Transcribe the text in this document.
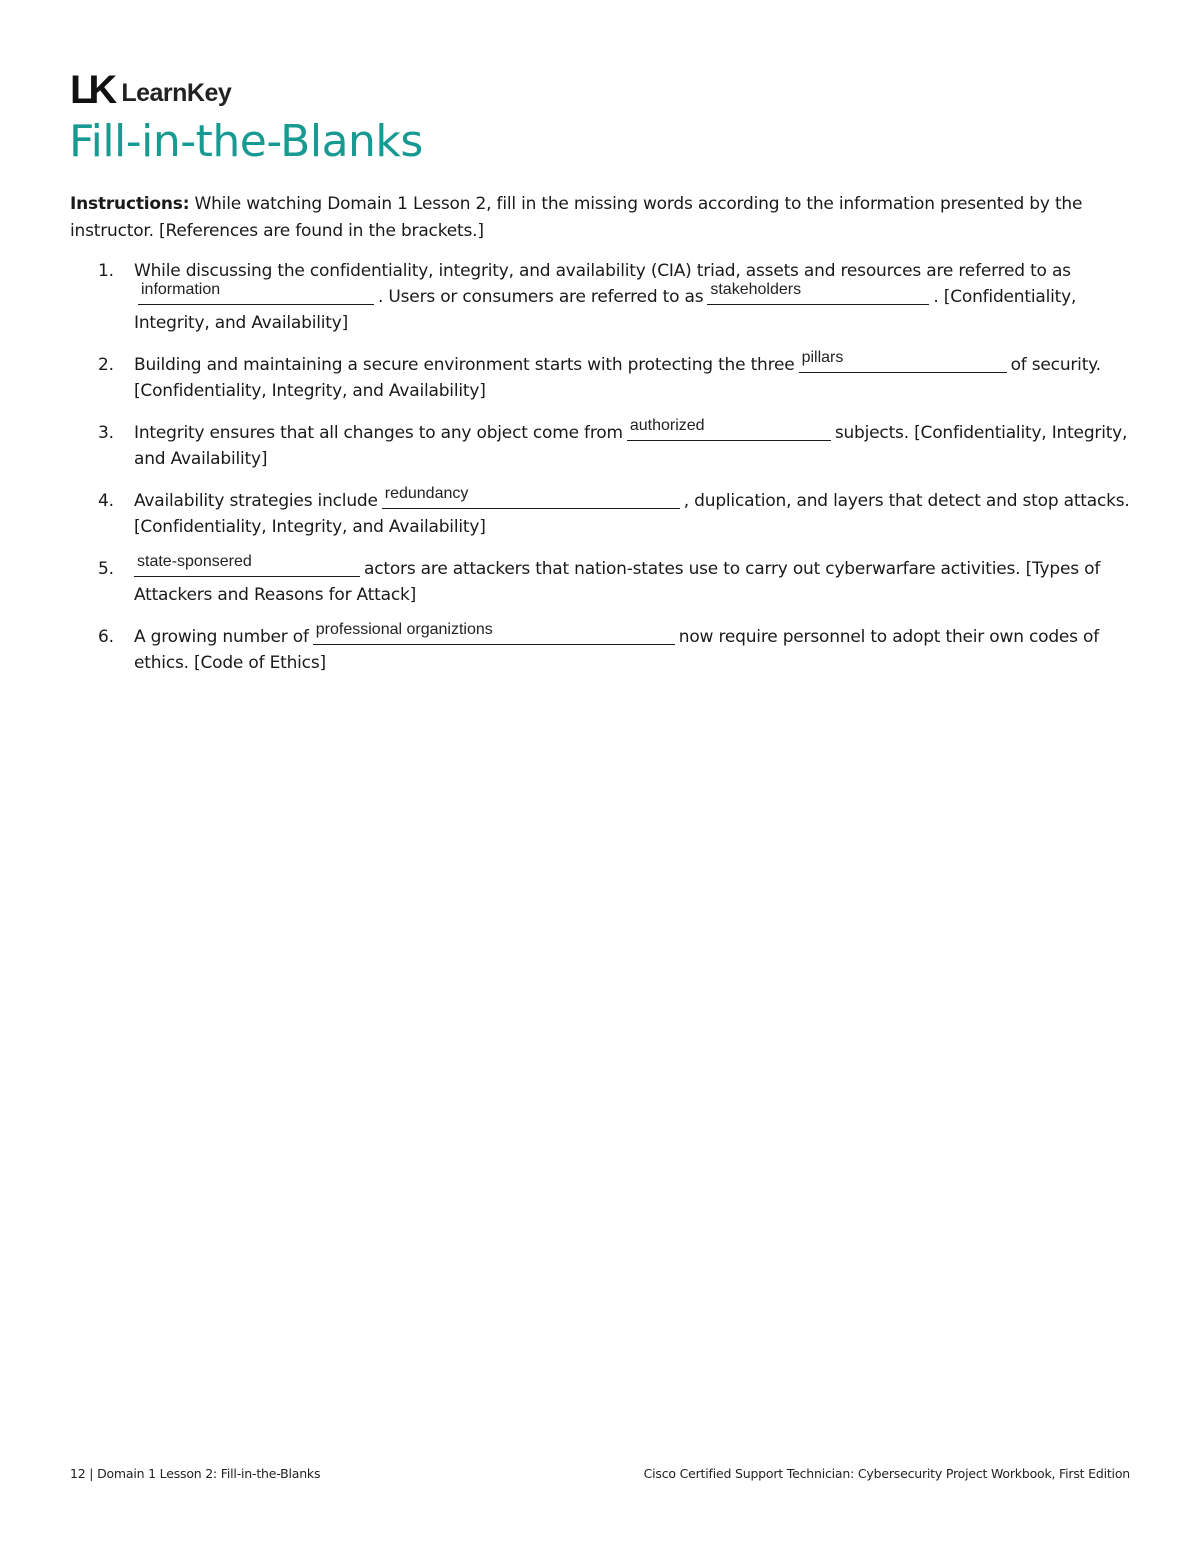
LK LearnKey
Fill-in-the-Blanks

Instructions: While watching Domain 1 Lesson 2, fill in the missing words according to the information presented by the instructor. [References are found in the brackets.]

1. While discussing the confidentiality, integrity, and availability (CIA) triad, assets and resources are referred to as
information	. Users or consumers are referred to as stakeholders	. [Confidentiality, Integrity, and Availability]
2. Building and maintaining a secure environment starts with protecting the three pillars	of security. [Confidentiality, Integrity, and Availability]
3. Integrity ensures that all changes to any object come from authorized	subjects. [Confidentiality, Integrity, and Availability]
4. Availability strategies include redundancy	, duplication, and layers that detect and stop attacks. [Confidentiality, Integrity, and Availability]
5. state-sponsered	actors are attackers that nation-states use to carry out cyberwarfare activities. [Types of Attackers and Reasons for Attack]
6. A growing number of professional organiztions	now require personnel to adopt their own codes of ethics. [Code of Ethics]
12 | Domain 1 Lesson 2: Fill-in-the-Blanks	Cisco Certified Support Technician: Cybersecurity Project Workbook, First Edition
